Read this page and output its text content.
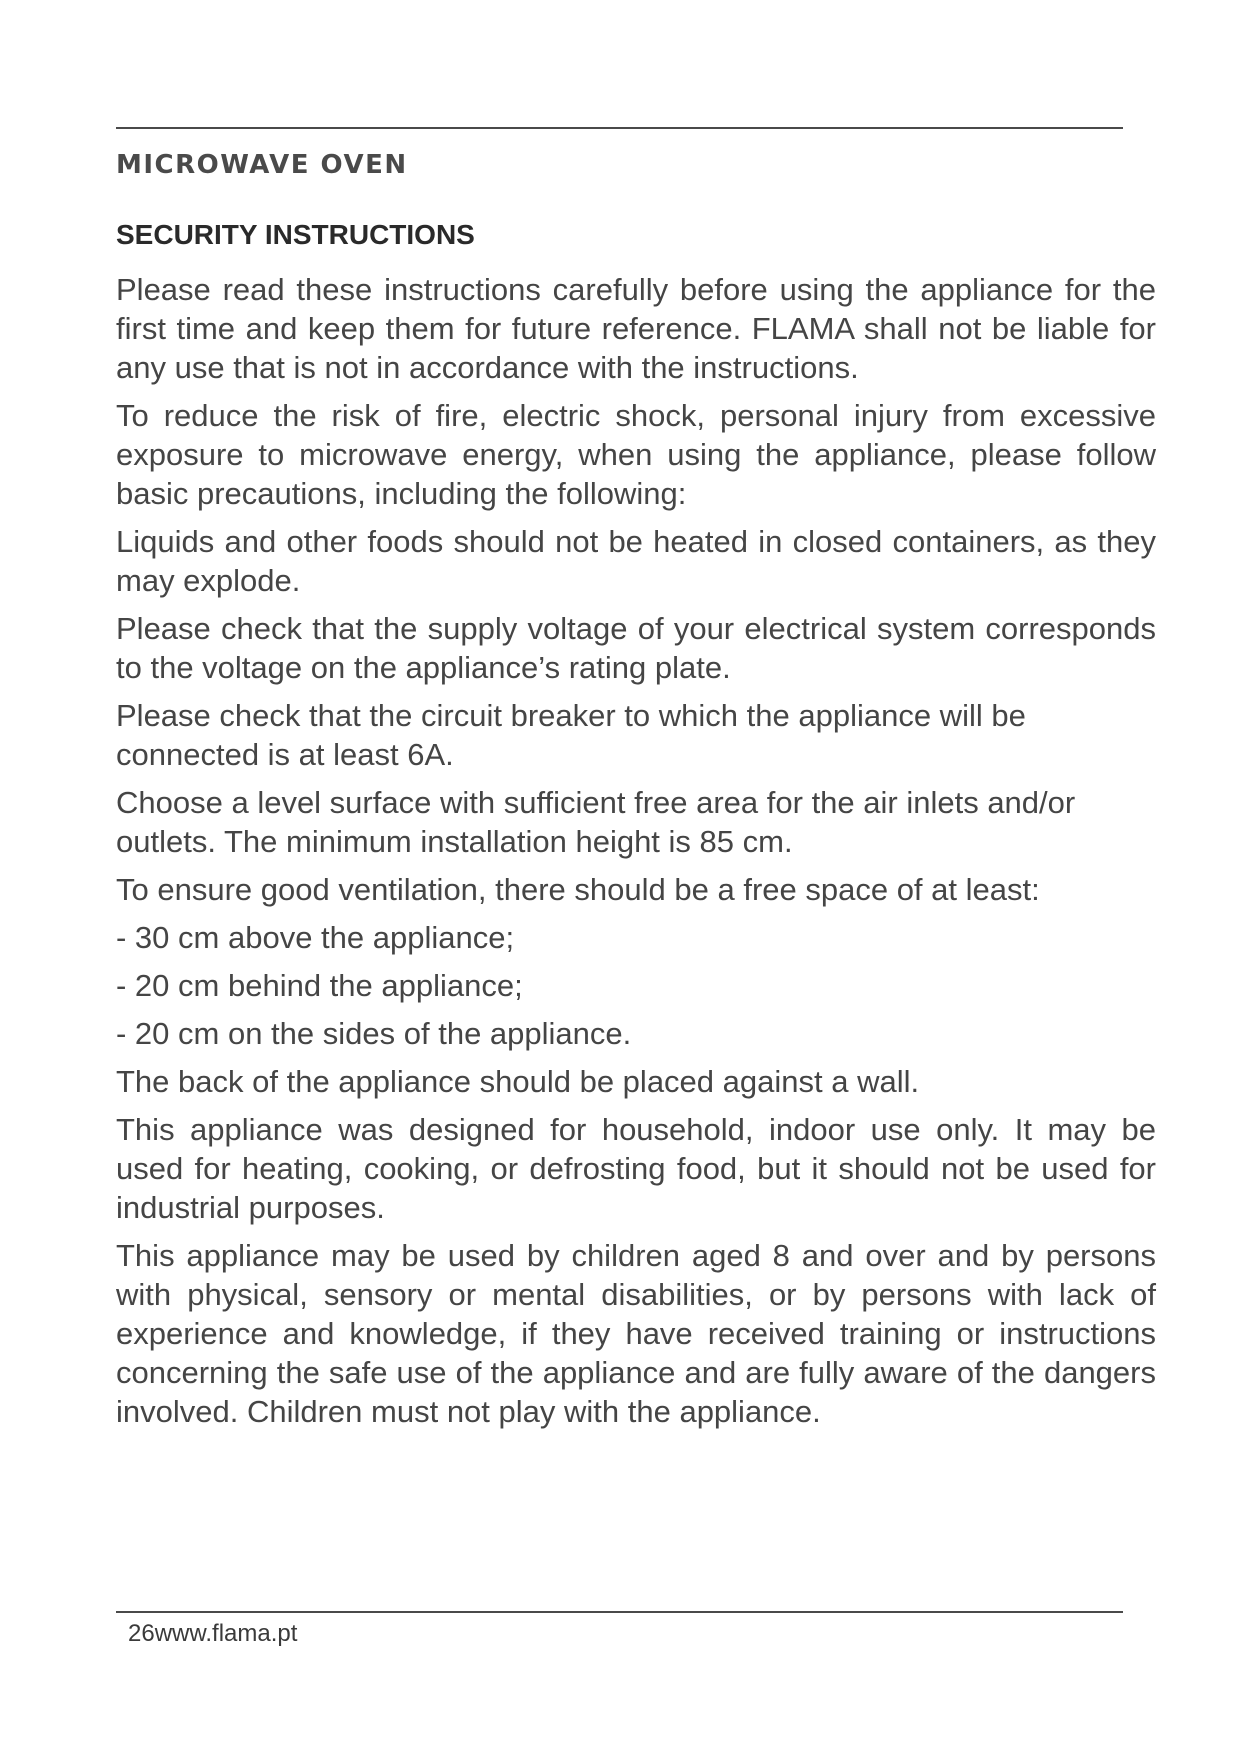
MICROWAVE OVEN
SECURITY INSTRUCTIONS

Please read these instructions carefully before using the appliance for the first time and keep them for future reference. FLAMA shall not be liable for any use that is not in accordance with the instructions.

To reduce the risk of fire, electric shock, personal injury from excessive exposure to microwave energy, when using the appliance, please follow basic precautions, including the following:

Liquids and other foods should not be heated in closed containers, as they may explode.

Please check that the supply voltage of your electrical system corresponds to the voltage on the appliance’s rating plate.

Please check that the circuit breaker to which the appliance will be connected is at least 6A.

Choose a level surface with sufficient free area for the air inlets and/or outlets. The minimum installation height is 85 cm.

To ensure good ventilation, there should be a free space of at least:

- 30 cm above the appliance;

- 20 cm behind the appliance;

- 20 cm on the sides of the appliance.

The back of the appliance should be placed against a wall.

This appliance was designed for household, indoor use only. It may be used for heating, cooking, or defrosting food, but it should not be used for industrial purposes.

This appliance may be used by children aged 8 and over and by persons with physical, sensory or mental disabilities, or by persons with lack of experience and knowledge, if they have received training or instructions concerning the safe use of the appliance and are fully aware of the dangers involved. Children must not play with the appliance.

26www.flama.pt
